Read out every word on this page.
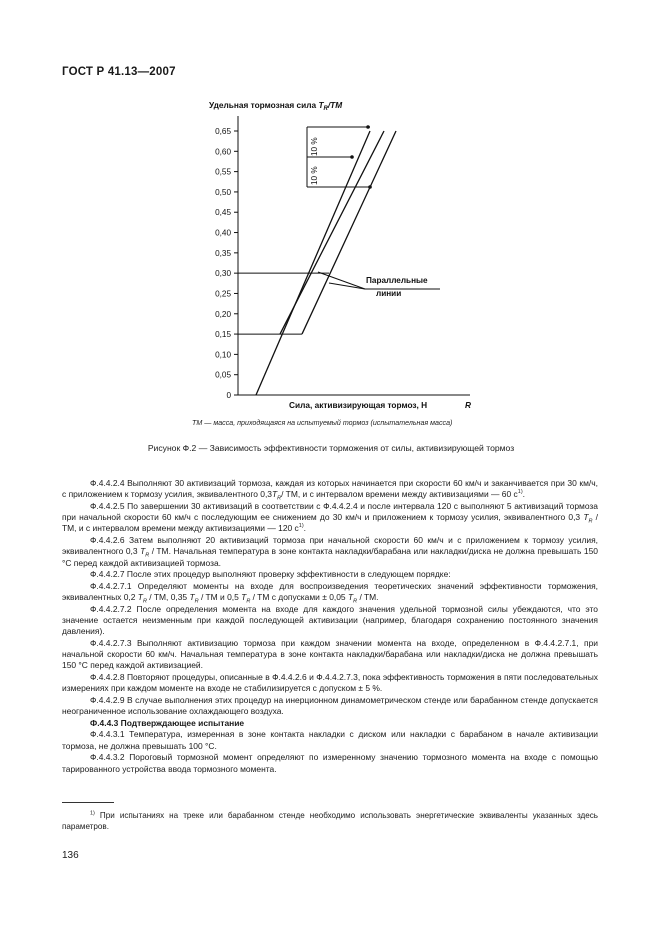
ГОСТ Р 41.13—2007
Удельная тормозная сила $T_R/TM$
0,65
0,60
0,55
0,50
0,45
0,40
0,35
0,30
0,25
0,20
0,15
0,10
0,05
0
10 %
10 %
Параллельные
линии
Сила, активизирующая тормоз, Н	R
ТМ — масса, приходящаяся на испытуемый тормоз (испытательная масса)
Рисунок Ф.2 — Зависимость эффективности торможения от силы, активизирующей тормоз

Ф.4.4.2.4 Выполняют 30 активизаций тормоза, каждая из которых начинается при скорости 60 км/ч и заканчивается при 30 км/ч, с приложением к тормозу усилия, эквивалентного $0,3T_R/$ TM, и с интервалом времени между активизациями — 60 $с^{1)}$.

Ф.4.4.2.5 По завершении 30 активизаций в соответствии с Ф.4.4.2.4 и после интервала 120 с выполняют 5 активизаций тормоза при начальной скорости 60 км/ч с последующим ее снижением до 30 км/ч и приложением к тормозу усилия, эквивалентного 0,3 $T_R$ / TM, и с интервалом времени между активизациями — 120 $с^{1)}$.

Ф.4.4.2.6 Затем выполняют 20 активизаций тормоза при начальной скорости 60 км/ч и с приложением к тормозу усилия, эквивалентного 0,3 $T_R$ / TM. Начальная температура в зоне контакта накладки/барабана или накладки/диска не должна превышать 150 °С перед каждой активизацией тормоза.

Ф.4.4.2.7 После этих процедур выполняют проверку эффективности в следующем порядке:

Ф.4.4.2.7.1 Определяют моменты на входе для воспроизведения теоретических значений эффективности торможения, эквивалентных 0,2 $T_R$ / TM, 0,35 $T_R$ / TM и 0,5 $T_R$ / TM с допусками ± 0,05 $T_R$ / TM.

Ф.4.4.2.7.2 После определения момента на входе для каждого значения удельной тормозной силы убеждаются, что это значение остается неизменным при каждой последующей активизации (например, благодаря сохранению постоянного значения давления).

Ф.4.4.2.7.3 Выполняют активизацию тормоза при каждом значении момента на входе, определенном в Ф.4.4.2.7.1, при начальной скорости 60 км/ч. Начальная температура в зоне контакта накладки/барабана или накладки/диска не должна превышать 150 °С перед каждой активизацией.

Ф.4.4.2.8 Повторяют процедуры, описанные в Ф.4.4.2.6 и Ф.4.4.2.7.3, пока эффективность торможения в пяти последовательных измерениях при каждом моменте на входе не стабилизируется с допуском ± 5 %.

Ф.4.4.2.9 В случае выполнения этих процедур на инерционном динамометрическом стенде или барабанном стенде допускается неограниченное использование охлаждающего воздуха.

Ф.4.4.3 Подтверждающее испытание

Ф.4.4.3.1 Температура, измеренная в зоне контакта накладки с диском или накладки с барабаном в начале активизации тормоза, не должна превышать 100 °С.

Ф.4.4.3.2 Пороговый тормозной момент определяют по измеренному значению тормозного момента на входе с помощью тарированного устройства ввода тормозного момента.

$^{1)}$ При испытаниях на треке или барабанном стенде необходимо использовать энергетические эквиваленты указанных здесь параметров.
136
